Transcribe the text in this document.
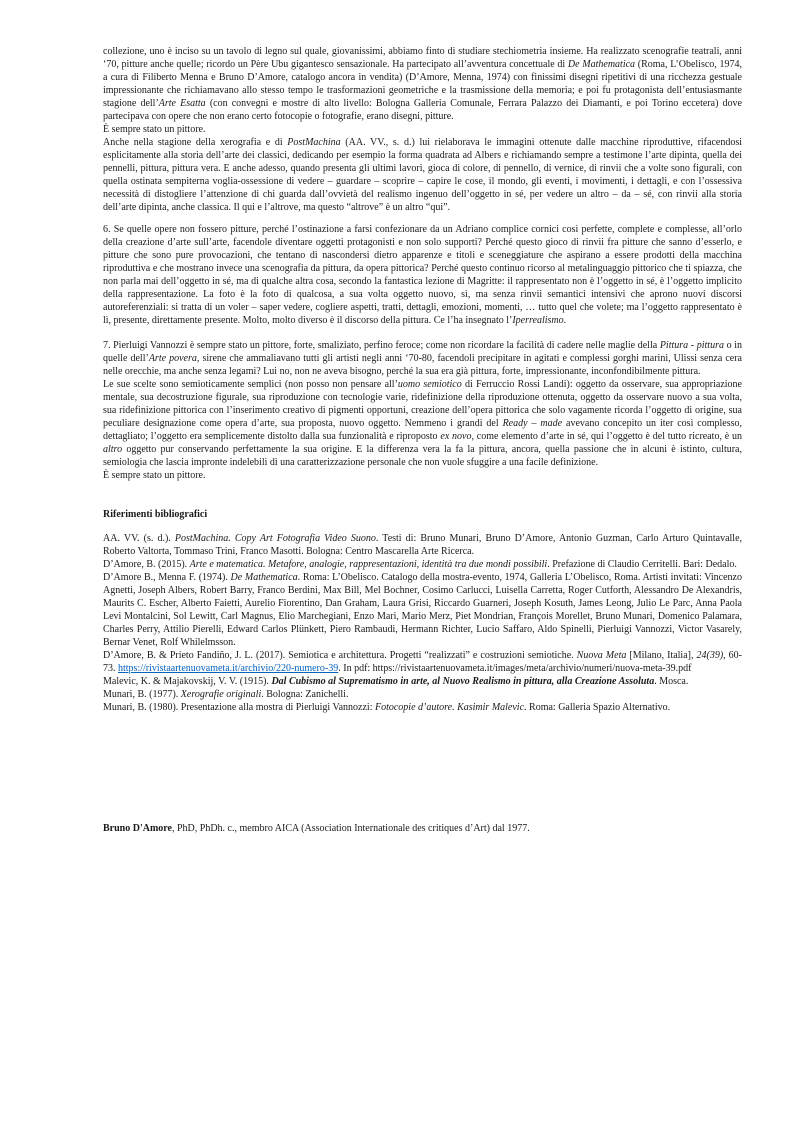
collezione, uno è inciso su un tavolo di legno sul quale, giovanissimi, abbiamo finto di studiare stechiometria insieme. Ha realizzato scenografie teatrali, anni ‘70, pitture anche quelle; ricordo un Père Ubu gigantesco sensazionale. Ha partecipato all’avventura concettuale di De Mathematica (Roma, L’Obelisco, 1974, a cura di Filiberto Menna e Bruno D’Amore, catalogo ancora in vendita) (D’Amore, Menna, 1974) con finissimi disegni ripetitivi di una ricchezza gestuale impressionante che richiamavano allo stesso tempo le trasformazioni geometriche e la trasmissione della memoria; e poi fu protagonista dell’entusiasmante stagione dell’Arte Esatta (con convegni e mostre di alto livello: Bologna Galleria Comunale, Ferrara Palazzo dei Diamanti, e poi Torino eccetera) dove partecipava con opere che non erano certo fotocopie o fotografie, erano disegni, pitture.

È sempre stato un pittore.

Anche nella stagione della xerografia e di PostMachina (AA. VV., s. d.) lui rielaborava le immagini ottenute dalle macchine riproduttive, rifacendosi esplicitamente alla storia dell’arte dei classici, dedicando per esempio la forma quadrata ad Albers e richiamando sempre a testimone l’arte dipinta, quella dei pennelli, pittura, pittura vera. E anche adesso, quando presenta gli ultimi lavori, gioca di colore, di pennello, di vernice, di rinvii che a volte sono figurali, con quella ostinata sempiterna voglia-ossessione di vedere – guardare – scoprire – capire le cose, il mondo, gli eventi, i movimenti, i dettagli, e con l’ossessiva necessità di distogliere l’attenzione di chi guarda dall’ovvietà del realismo ingenuo dell’oggetto in sé, per vedere un altro – da – sé, con rinvii alla storia dell’arte dipinta, anche classica. Il qui e l’altrove, ma questo “altrove” è un altro “qui”.

6. Se quelle opere non fossero pitture, perché l’ostinazione a farsi confezionare da un Adriano complice cornici così perfette, complete e complesse, all’orlo della creazione d’arte sull’arte, facendole diventare oggetti protagonisti e non solo supporti? Perché questo gioco di rinvii fra pitture che sanno d’esserlo, e pitture che sono pure provocazioni, che tentano di nascondersi dietro apparenze e titoli e sceneggiature che aspirano a essere prodotti della macchina riproduttiva e che mostrano invece una scenografia da pittura, da opera pittorica? Perché questo continuo ricorso al metalinguaggio pittorico che ti spiazza, che non parla mai dell’oggetto in sé, ma di qualche altra cosa, secondo la fantastica lezione di Magritte: il rappresentato non è l’oggetto in sé, è l’oggetto implicito della rappresentazione. La foto è la foto di qualcosa, a sua volta oggetto nuovo, sì, ma senza rinvii semantici intensivi che aprono nuovi discorsi autoreferenziali: si tratta di un voler – saper vedere, cogliere aspetti, tratti, dettagli, emozioni, momenti, … tutto quel che volete; ma l’oggetto rappresentato è lì, presente, direttamente presente. Molto, molto diverso è il discorso della pittura. Ce l’ha insegnato l’Iperrealismo.

7. Pierluigi Vannozzi è sempre stato un pittore, forte, smaliziato, perfino feroce; come non ricordare la facilità di cadere nelle maglie della Pittura - pittura o in quelle dell’Arte povera, sirene che ammaliavano tutti gli artisti negli anni ‘70-80, facendoli precipitare in agitati e complessi gorghi marini, Ulissi senza cera nelle orecchie, ma anche senza legami? Lui no, non ne aveva bisogno, perché la sua era già pittura, forte, impressionante, inconfondibilmente pittura.

Le sue scelte sono semioticamente semplici (non posso non pensare all’uomo semiotico di Ferruccio Rossi Landi): oggetto da osservare, sua appropriazione mentale, sua decostruzione figurale, sua riproduzione con tecnologie varie, ridefinizione della riproduzione ottenuta, oggetto da osservare nuovo a sua volta, sua ridefinizione pittorica con l’inserimento creativo di pigmenti opportuni, creazione dell’opera pittorica che solo vagamente ricorda l’oggetto di origine, sua peculiare designazione come opera d’arte, sua proposta, nuovo oggetto. Nemmeno i grandi del Ready – made avevano concepito un iter così complesso, dettagliato; l’oggetto era semplicemente distolto dalla sua funzionalità e riproposto ex novo, come elemento d’arte in sé, qui l’oggetto è del tutto ricreato, è un altro oggetto pur conservando perfettamente la sua origine. E la differenza vera la fa la pittura, ancora, quella passione che in alcuni è istinto, cultura, semiologia che lascia impronte indelebili di una caratterizzazione personale che non vuole sfuggire a una facile definizione.

È sempre stato un pittore.

Riferimenti bibliografici

AA. VV. (s. d.). PostMachina. Copy Art Fotografia Video Suono. Testi di: Bruno Munari, Bruno D’Amore, Antonio Guzman, Carlo Arturo Quintavalle, Roberto Valtorta, Tommaso Trini, Franco Masotti. Bologna: Centro Mascarella Arte Ricerca.

D’Amore, B. (2015). Arte e matematica. Metafore, analogie, rappresentazioni, identità tra due mondi possibili. Prefazione di Claudio Cerritelli. Bari: Dedalo.

D’Amore B., Menna F. (1974). De Mathematica. Roma: L’Obelisco. Catalogo della mostra-evento, 1974, Galleria L’Obelisco, Roma. Artisti invitati: Vincenzo Agnetti, Joseph Albers, Robert Barry, Franco Berdini, Max Bill, Mel Bochner, Cosimo Carlucci, Luisella Carretta, Roger Cutforth, Alessandro De Alexandris, Maurits C. Escher, Alberto Faietti, Aurelio Fiorentino, Dan Graham, Laura Grisi, Riccardo Guarneri, Joseph Kosuth, James Leong, Julio Le Parc, Anna Paola Levi Montalcini, Sol Lewitt, Carl Magnus, Elio Marchegiani, Enzo Mari, Mario Merz, Piet Mondrian, François Morellet, Bruno Munari, Domenico Palamara, Charles Perry, Attilio Pierelli, Edward Carlos Plünkett, Piero Rambaudi, Hermann Richter, Lucio Saffaro, Aldo Spinelli, Pierluigi Vannozzi, Victor Vasarely, Bernar Venet, Rolf Whilelmsson.

D’Amore, B. & Prieto Fandiño, J. L. (2017). Semiotica e architettura. Progetti “realizzati” e costruzioni semiotiche. Nuova Meta [Milano, Italia], 24(39), 60-73. https://rivistaartenuovameta.it/archivio/220-numero-39. In pdf: https://rivistaartenuovameta.it/images/meta/archivio/numeri/nuova-meta-39.pdf

Malevic, K. & Majakovskij, V. V. (1915). Dal Cubismo al Suprematismo in arte, al Nuovo Realismo in pittura, alla Creazione Assoluta. Mosca.

Munari, B. (1977). Xerografie originali. Bologna: Zanichelli.

Munari, B. (1980). Presentazione alla mostra di Pierluigi Vannozzi: Fotocopie d’autore. Kasimir Malevic. Roma: Galleria Spazio Alternativo.

Bruno D'Amore, PhD, PhDh. c., membro AICA (Association Internationale des critiques d’Art) dal 1977.
